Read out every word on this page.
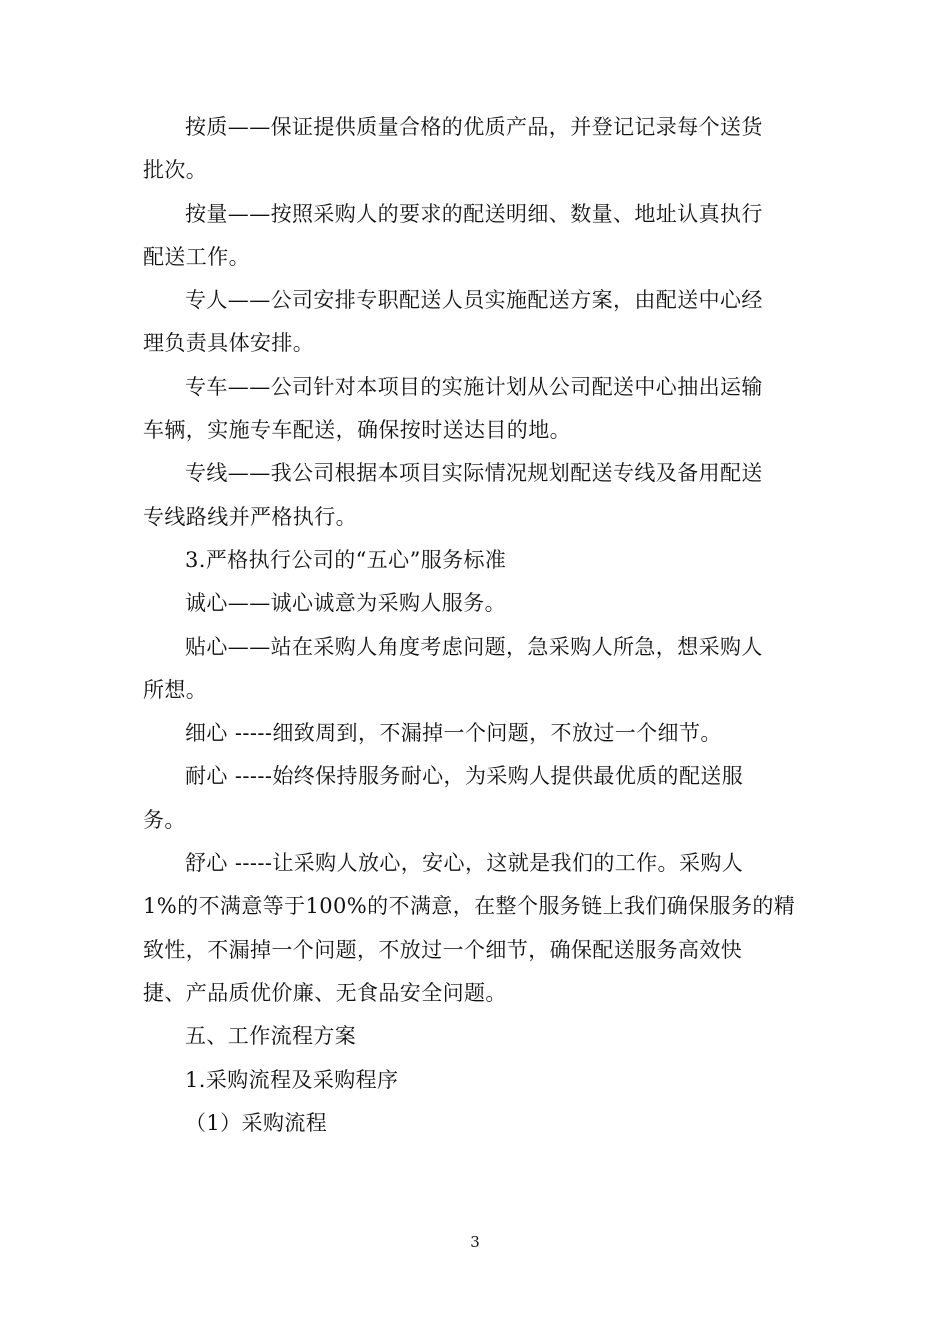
按质——保证提供质量合格的优质产品，并登记记录每个送货
批次。
按量——按照采购人的要求的配送明细、数量、地址认真执行
配送工作。
专人——公司安排专职配送人员实施配送方案，由配送中心经
理负责具体安排。
专车——公司针对本项目的实施计划从公司配送中心抽出运输
车辆，实施专车配送，确保按时送达目的地。
专线——我公司根据本项目实际情况规划配送专线及备用配送
专线路线并严格执行。
3.严格执行公司的“五心”服务标准
诚心——诚心诚意为采购人服务。
贴心——站在采购人角度考虑问题，急采购人所急，想采购人
所想。
细心 -----细致周到，不漏掉一个问题，不放过一个细节。
耐心 -----始终保持服务耐心，为采购人提供最优质的配送服
务。
舒心 -----让采购人放心，安心，这就是我们的工作。采购人
1%的不满意等于100%的不满意，在整个服务链上我们确保服务的精
致性，不漏掉一个问题，不放过一个细节，确保配送服务高效快
捷、产品质优价廉、无食品安全问题。
五、工作流程方案
1.采购流程及采购程序
（1）采购流程
3
